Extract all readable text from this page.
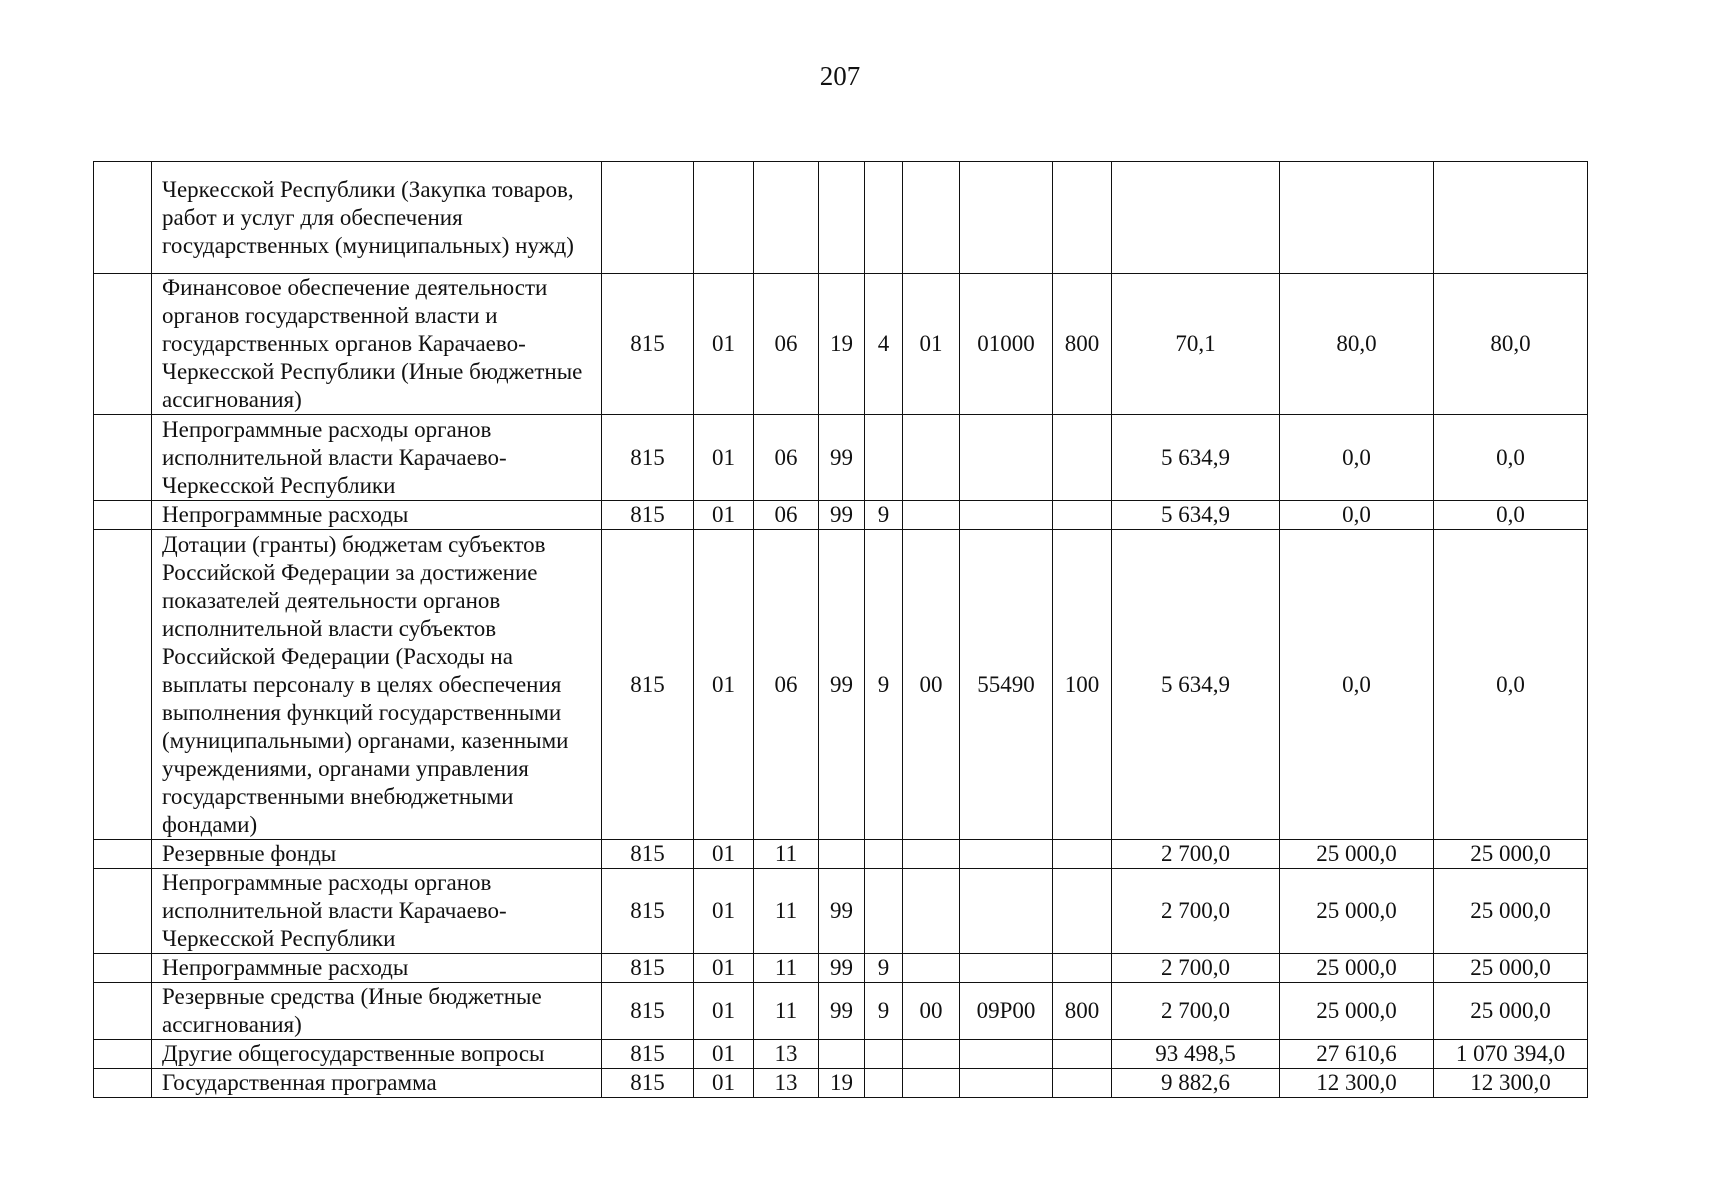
207
	Черкесской Республики (Закупка товаров, работ и услуг для обеспечения государственных (муниципальных) нужд)											
	Финансовое обеспечение деятельности органов государственной власти и государственных органов Карачаево-Черкесской Республики (Иные бюджетные ассигнования)	815	01	06	19	4	01	01000	800	70,1	80,0	80,0
	Непрограммные расходы органов исполнительной власти Карачаево-Черкесской Республики	815	01	06	99					5 634,9	0,0	0,0
	Непрограммные расходы	815	01	06	99	9				5 634,9	0,0	0,0
	Дотации (гранты) бюджетам субъектов Российской Федерации за достижение показателей деятельности органов исполнительной власти субъектов Российской Федерации (Расходы на выплаты персоналу в целях обеспечения выполнения функций государственными (муниципальными) органами, казенными учреждениями, органами управления государственными внебюджетными фондами)	815	01	06	99	9	00	55490	100	5 634,9	0,0	0,0
	Резервные фонды	815	01	11						2 700,0	25 000,0	25 000,0
	Непрограммные расходы органов исполнительной власти Карачаево-Черкесской Республики	815	01	11	99					2 700,0	25 000,0	25 000,0
	Непрограммные расходы	815	01	11	99	9				2 700,0	25 000,0	25 000,0
	Резервные средства (Иные бюджетные ассигнования)	815	01	11	99	9	00	09Р00	800	2 700,0	25 000,0	25 000,0
	Другие общегосударственные вопросы	815	01	13						93 498,5	27 610,6	1 070 394,0
	Государственная программа	815	01	13	19					9 882,6	12 300,0	12 300,0
